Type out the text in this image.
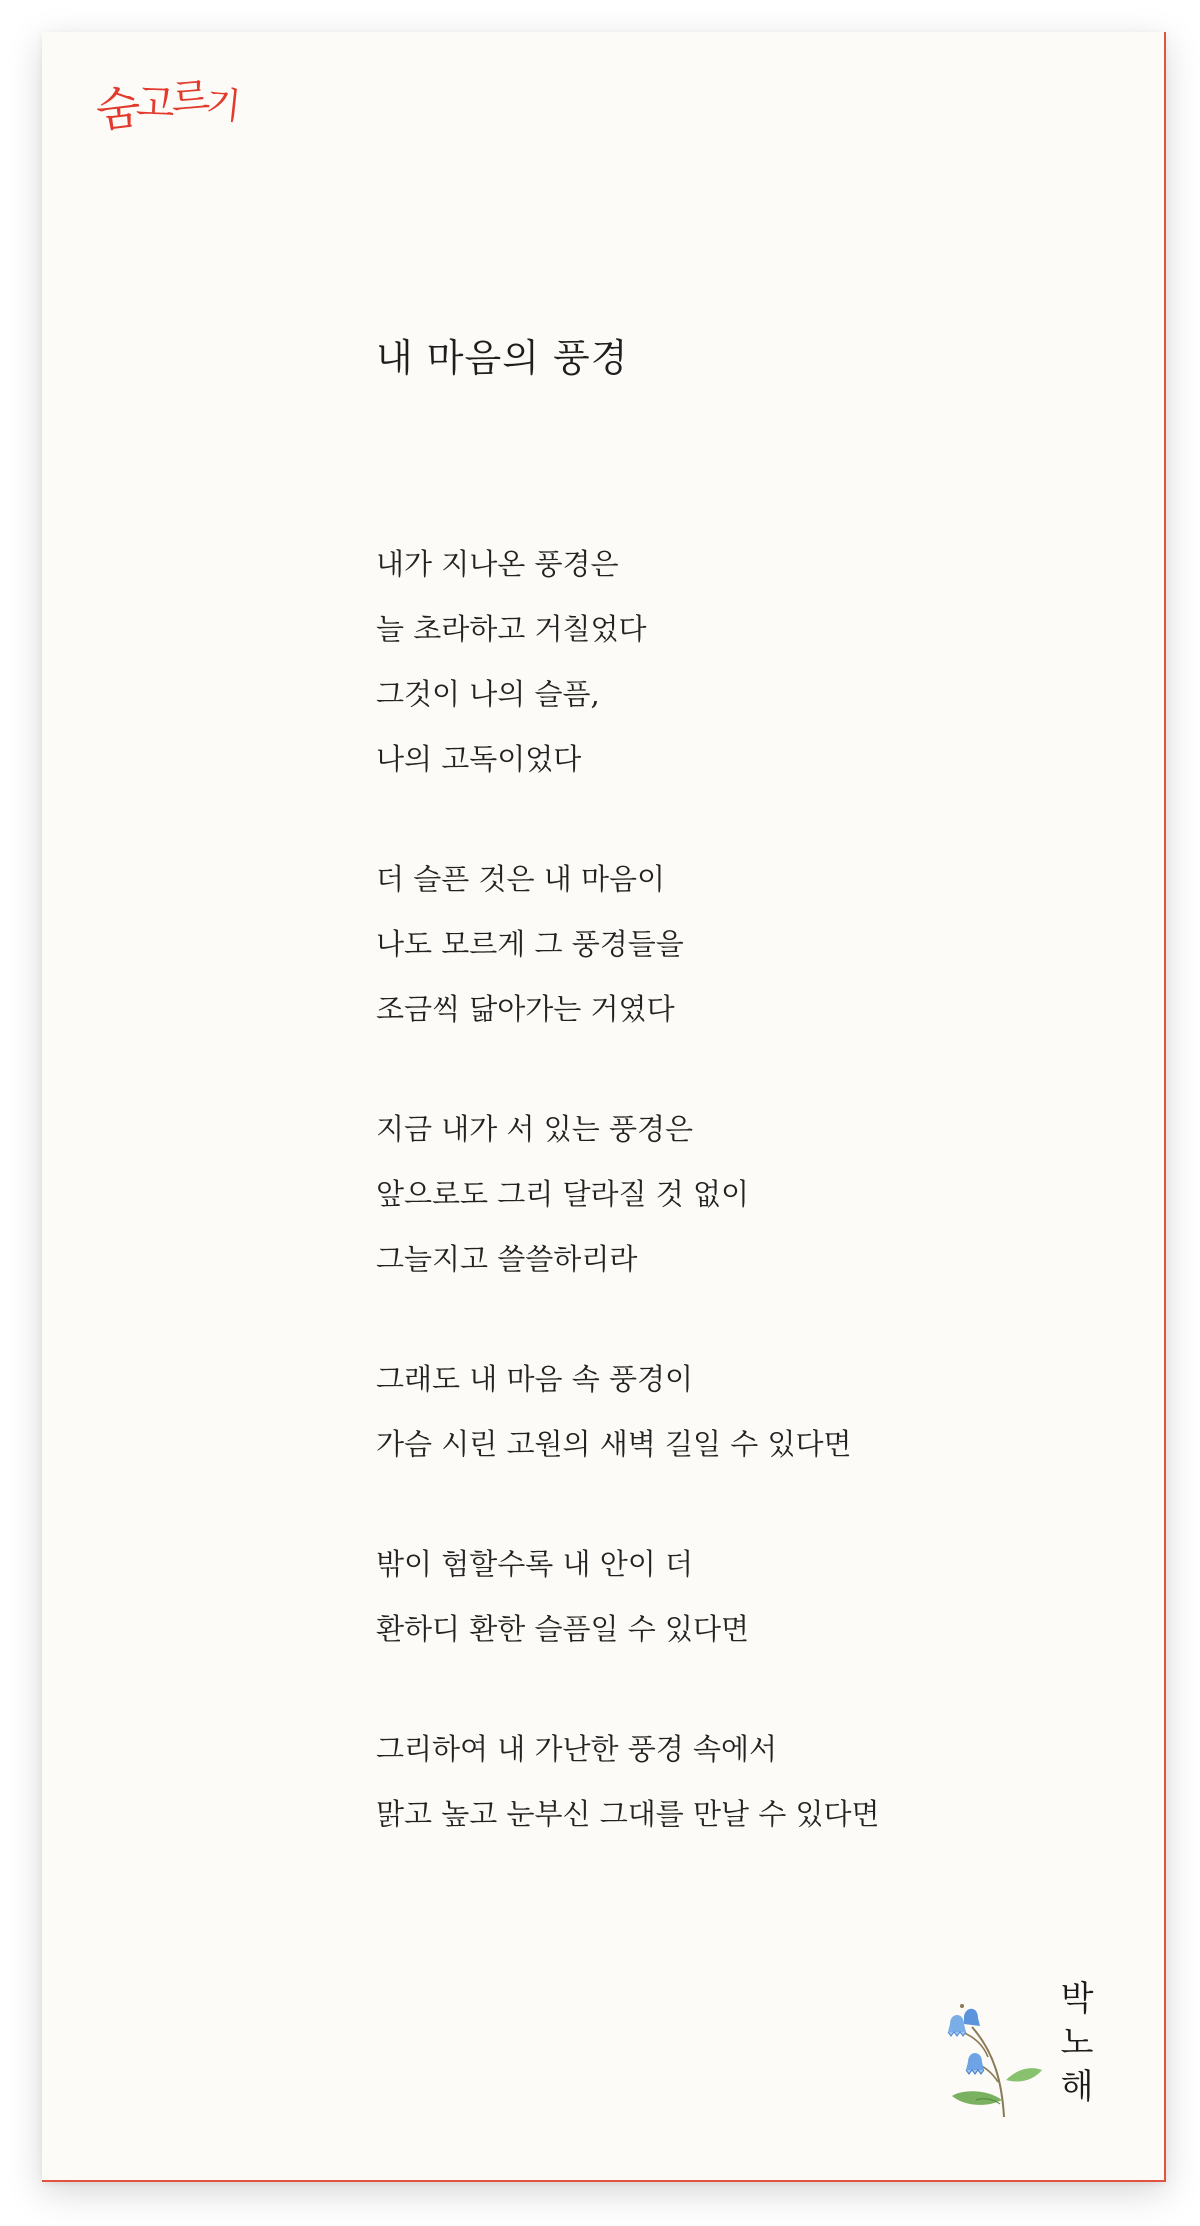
숨고르기
내 마음의 풍경
내가 지나온 풍경은
늘 초라하고 거칠었다
그것이 나의 슬픔,
나의 고독이었다
더 슬픈 것은 내 마음이
나도 모르게 그 풍경들을
조금씩 닮아가는 거였다
지금 내가 서 있는 풍경은
앞으로도 그리 달라질 것 없이
그늘지고 쓸쓸하리라
그래도 내 마음 속 풍경이
가슴 시린 고원의 새벽 길일 수 있다면
밖이 험할수록 내 안이 더
환하디 환한 슬픔일 수 있다면
그리하여 내 가난한 풍경 속에서
맑고 높고 눈부신 그대를 만날 수 있다면
박
노
해
